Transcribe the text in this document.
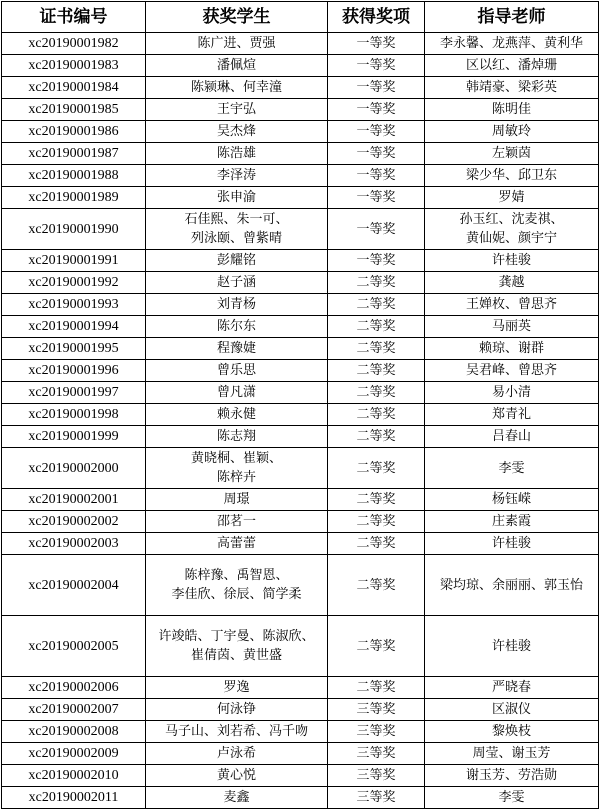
证书编号	获奖学生	获得奖项	指导老师
xc20190001982	陈广进、贾强	一等奖	李永馨、龙燕萍、黄利华

xc20190001983	潘佩煊	一等奖	区以红、潘焯珊

xc20190001984	陈颍琳、何幸潼	一等奖	韩靖豪、梁彩英

xc20190001985	王宇弘	一等奖	陈明佳

xc20190001986	吴杰烽	一等奖	周敏玲

xc20190001987	陈浩雄	一等奖	左颖茵

xc20190001988	李泽涛	一等奖	梁少华、邱卫东

xc20190001989	张申渝	一等奖	罗婧

xc20190001990	石佳熙、朱一可、
列泳颐、曾紫晴	一等奖	孙玉红、沈麦祺、
黄仙妮、颜宇宁

xc20190001991	彭耀铭	一等奖	许桂骏

xc20190001992	赵子涵	二等奖	龚越

xc20190001993	刘青杨	二等奖	王婵枚、曾思齐

xc20190001994	陈尔东	二等奖	马丽英

xc20190001995	程豫婕	二等奖	赖琼、谢群

xc20190001996	曾乐思	二等奖	吴君峰、曾思齐

xc20190001997	曾凡潇	二等奖	易小清

xc20190001998	赖永健	二等奖	郑青礼

xc20190001999	陈志翔	二等奖	吕春山

xc20190002000	黄晓桐、崔颖、
陈梓卉	二等奖	李雯

xc20190002001	周璟	二等奖	杨钰嵘

xc20190002002	邵茗一	二等奖	庄素霞

xc20190002003	高蕾蕾	二等奖	许桂骏

xc20190002004	陈梓豫、禹智恩、
李佳欣、徐辰、简学柔	二等奖	梁均琼、余丽丽、郭玉怡

xc20190002005	许竣皓、丁宇曼、陈淑欣、
崔倩茵、黄世盛	二等奖	许桂骏

xc20190002006	罗逸	二等奖	严晓春

xc20190002007	何泳铮	三等奖	区淑仪

xc20190002008	马子山、刘若希、冯千吻	三等奖	黎焕枝

xc20190002009	卢泳希	三等奖	周莹、谢玉芳

xc20190002010	黄心悦	三等奖	谢玉芳、劳浩勋

xc20190002011	麦鑫	三等奖	李雯
